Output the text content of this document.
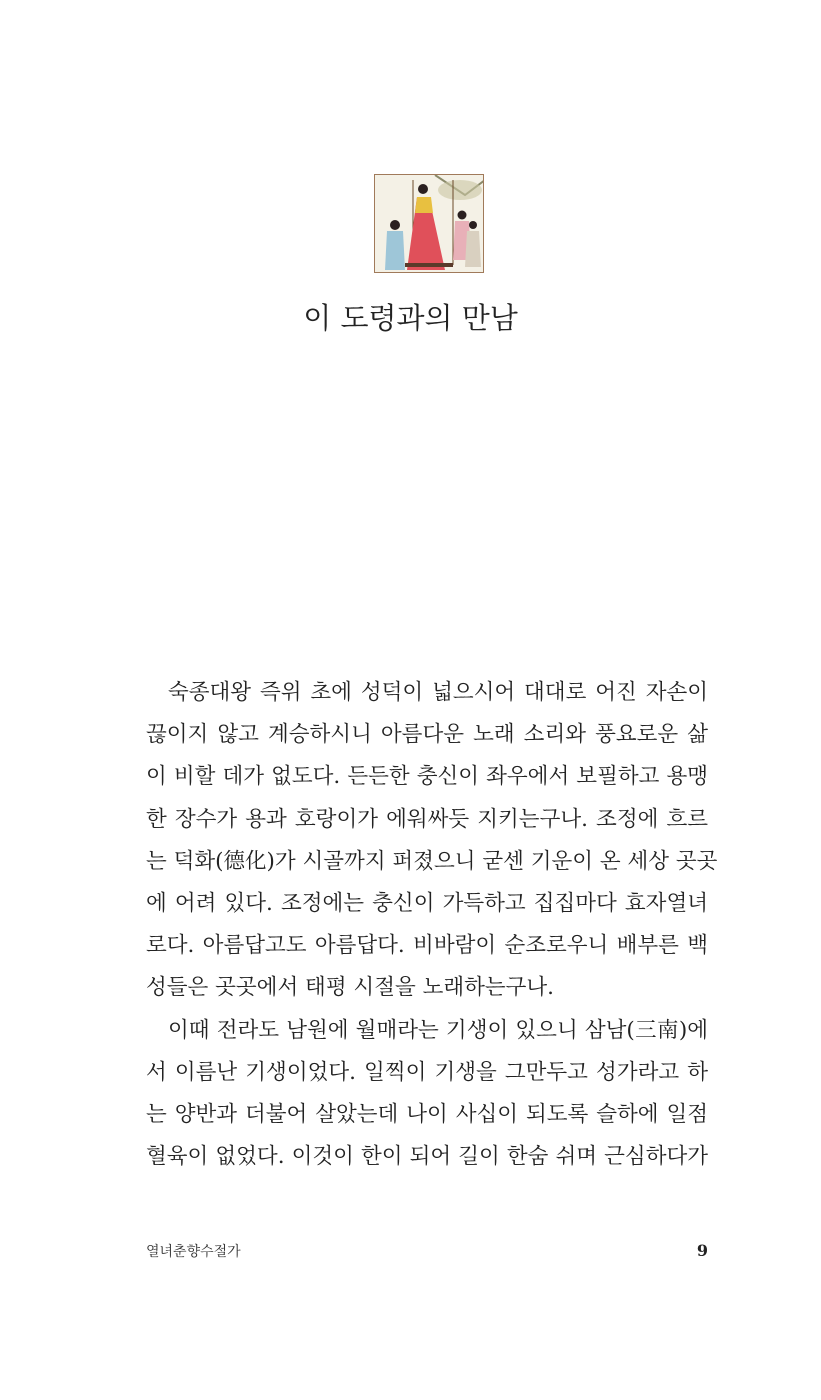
이 도령과의 만남
숙종대왕 즉위 초에 성덕이 넓으시어 대대로 어진 자손이
끊이지 않고 계승하시니 아름다운 노래 소리와 풍요로운 삶
이 비할 데가 없도다. 든든한 충신이 좌우에서 보필하고 용맹
한 장수가 용과 호랑이가 에워싸듯 지키는구나. 조정에 흐르
는 덕화(德化)가 시골까지 퍼졌으니 굳센 기운이 온 세상 곳곳
에 어려 있다. 조정에는 충신이 가득하고 집집마다 효자열녀
로다. 아름답고도 아름답다. 비바람이 순조로우니 배부른 백
성들은 곳곳에서 태평 시절을 노래하는구나.
이때 전라도 남원에 월매라는 기생이 있으니 삼남(三南)에
서 이름난 기생이었다. 일찍이 기생을 그만두고 성가라고 하
는 양반과 더불어 살았는데 나이 사십이 되도록 슬하에 일점
혈육이 없었다. 이것이 한이 되어 길이 한숨 쉬며 근심하다가
열녀춘향수절가	9
